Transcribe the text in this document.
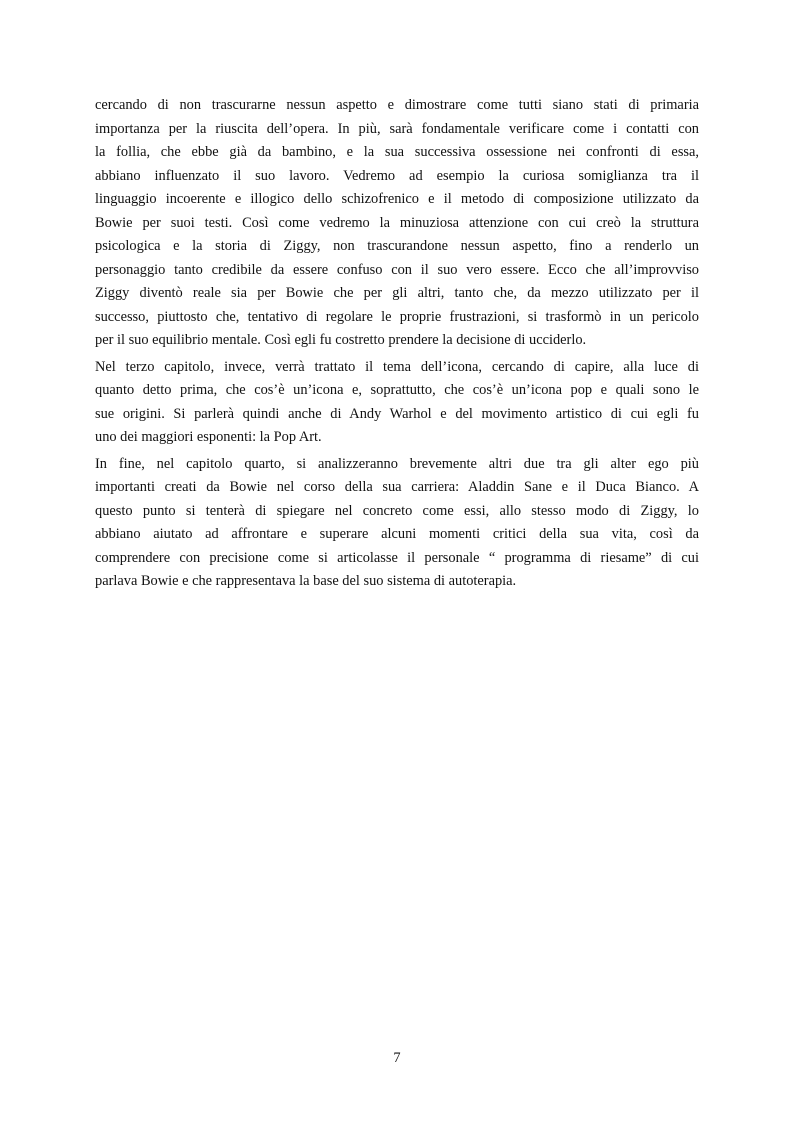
cercando di non trascurarne nessun aspetto e dimostrare come tutti siano stati di primaria
importanza per la riuscita dell’opera. In più, sarà fondamentale verificare come i contatti con
la follia, che ebbe già da bambino, e la sua successiva ossessione nei confronti di essa,
abbiano influenzato il suo lavoro. Vedremo ad esempio la curiosa somiglianza tra il
linguaggio incoerente e illogico dello schizofrenico e il metodo di composizione utilizzato da
Bowie per suoi testi. Così come vedremo la minuziosa attenzione con cui creò la struttura
psicologica e la storia di Ziggy, non trascurandone nessun aspetto, fino a renderlo un
personaggio tanto credibile da essere confuso con il suo vero essere. Ecco che all’improvviso
Ziggy diventò reale sia per Bowie che per gli altri, tanto che, da mezzo utilizzato per il
successo, piuttosto che, tentativo di regolare le proprie frustrazioni, si trasformò in un pericolo
per il suo equilibrio mentale. Così egli fu costretto prendere la decisione di ucciderlo.
Nel terzo capitolo, invece, verrà trattato il tema dell’icona, cercando di capire, alla luce di
quanto detto prima, che cos’è un’icona e, soprattutto, che cos’è un’icona pop e quali sono le
sue origini. Si parlerà quindi anche di Andy Warhol e del movimento artistico di cui egli fu
uno dei maggiori esponenti: la Pop Art.
In fine, nel capitolo quarto, si analizzeranno brevemente altri due tra gli alter ego più
importanti creati da Bowie nel corso della sua carriera: Aladdin Sane e il Duca Bianco. A
questo punto si tenterà di spiegare nel concreto come essi, allo stesso modo di Ziggy, lo
abbiano aiutato ad affrontare e superare alcuni momenti critici della sua vita, così da
comprendere con precisione come si articolasse il personale “ programma di riesame” di cui
parlava Bowie e che rappresentava la base del suo sistema di autoterapia.
7
